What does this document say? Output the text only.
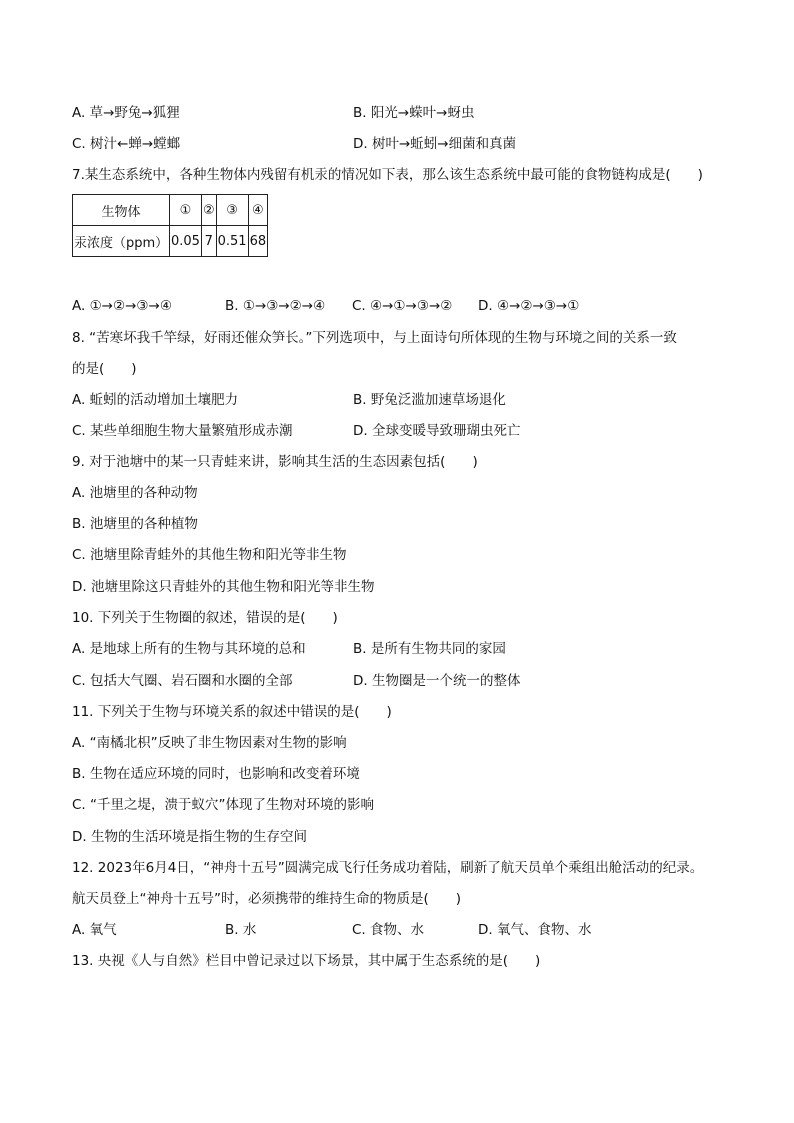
A. 草→野兔→狐狸	B. 阳光→蝾叶→蚜虫
C. 树汁←蝉→螳螂	D. 树叶→蚯蚓→细菌和真菌
7.某生态系统中，各种生物体内残留有机汞的情况如下表，那么该生态系统中最可能的食物链构成是(　　)
生物体	①	②	③	④
汞浓度（ppm）	0.05	7	0.51	68
A. ①→②→③→④	B. ①→③→②→④ C. ④→①→③→② D. ④→②→③→①
8. “苦寒坏我千竿绿，好雨还催众笋长。”下列选项中，与上面诗句所体现的生物与环境之间的关系一致
的是(　　)
A. 蚯蚓的活动增加土壤肥力	B. 野兔泛滥加速草场退化
C. 某些单细胞生物大量繁殖形成赤潮	D. 全球变暖导致珊瑚虫死亡
9. 对于池塘中的某一只青蛙来讲，影响其生活的生态因素包括(　　)
A. 池塘里的各种动物
B. 池塘里的各种植物
C. 池塘里除青蛙外的其他生物和阳光等非生物
D. 池塘里除这只青蛙外的其他生物和阳光等非生物
10. 下列关于生物圈的叙述，错误的是(　　)
A. 是地球上所有的生物与其环境的总和	B. 是所有生物共同的家园
C. 包括大气圈、岩石圈和水圈的全部	D. 生物圈是一个统一的整体
11. 下列关于生物与环境关系的叙述中错误的是(　　)
A. “南橘北枳”反映了非生物因素对生物的影响
B. 生物在适应环境的同时，也影响和改变着环境
C. “千里之堤，溃于蚁穴”体现了生物对环境的影响
D. 生物的生活环境是指生物的生存空间
12. 2023年6月4日，“神舟十五号”圆满完成飞行任务成功着陆，刷新了航天员单个乘组出舱活动的纪录。
航天员登上“神舟十五号”时，必须携带的维持生命的物质是(　　)
A. 氧气	B. 水	C. 食物、水	D. 氧气、食物、水
13. 央视《人与自然》栏目中曾记录过以下场景，其中属于生态系统的是(　　)
